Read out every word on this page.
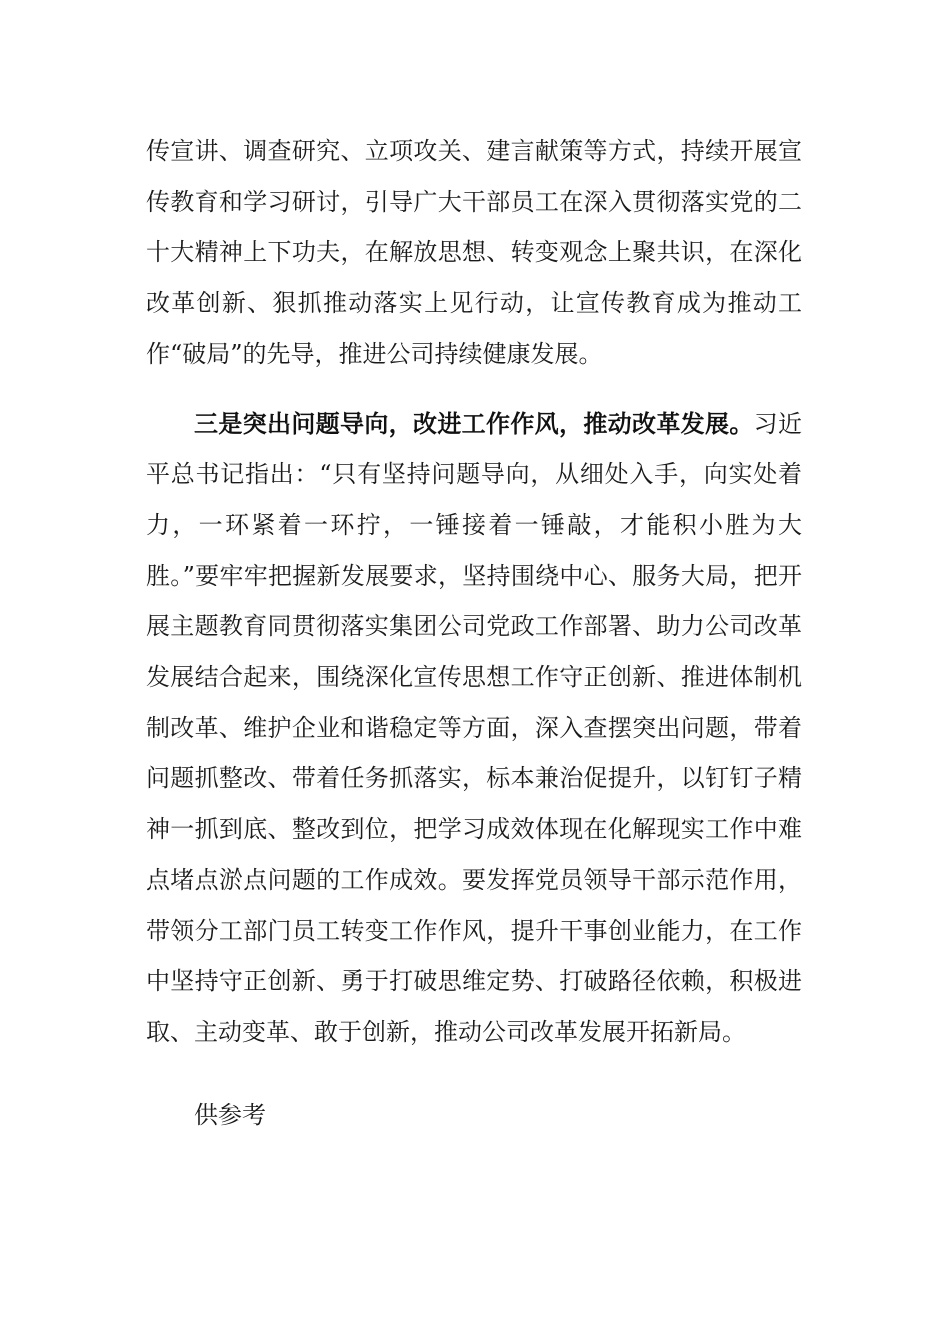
传宣讲、调查研究、立项攻关、建言献策等方式，持续开展宣传教育和学习研讨，引导广大干部员工在深入贯彻落实党的二十大精神上下功夫，在解放思想、转变观念上聚共识，在深化改革创新、狠抓推动落实上见行动，让宣传教育成为推动工作“破局”的先导，推进公司持续健康发展。

三是突出问题导向，改进工作作风，推动改革发展。习近平总书记指出：“只有坚持问题导向，从细处入手，向实处着力，一环紧着一环拧，一锤接着一锤敲，才能积小胜为大胜。”要牢牢把握新发展要求，坚持围绕中心、服务大局，把开展主题教育同贯彻落实集团公司党政工作部署、助力公司改革发展结合起来，围绕深化宣传思想工作守正创新、推进体制机制改革、维护企业和谐稳定等方面，深入查摆突出问题，带着问题抓整改、带着任务抓落实，标本兼治促提升，以钉钉子精神一抓到底、整改到位，把学习成效体现在化解现实工作中难点堵点淤点问题的工作成效。要发挥党员领导干部示范作用，带领分工部门员工转变工作作风，提升干事创业能力，在工作中坚持守正创新、勇于打破思维定势、打破路径依赖，积极进取、主动变革、敢于创新，推动公司改革发展开拓新局。

供参考
